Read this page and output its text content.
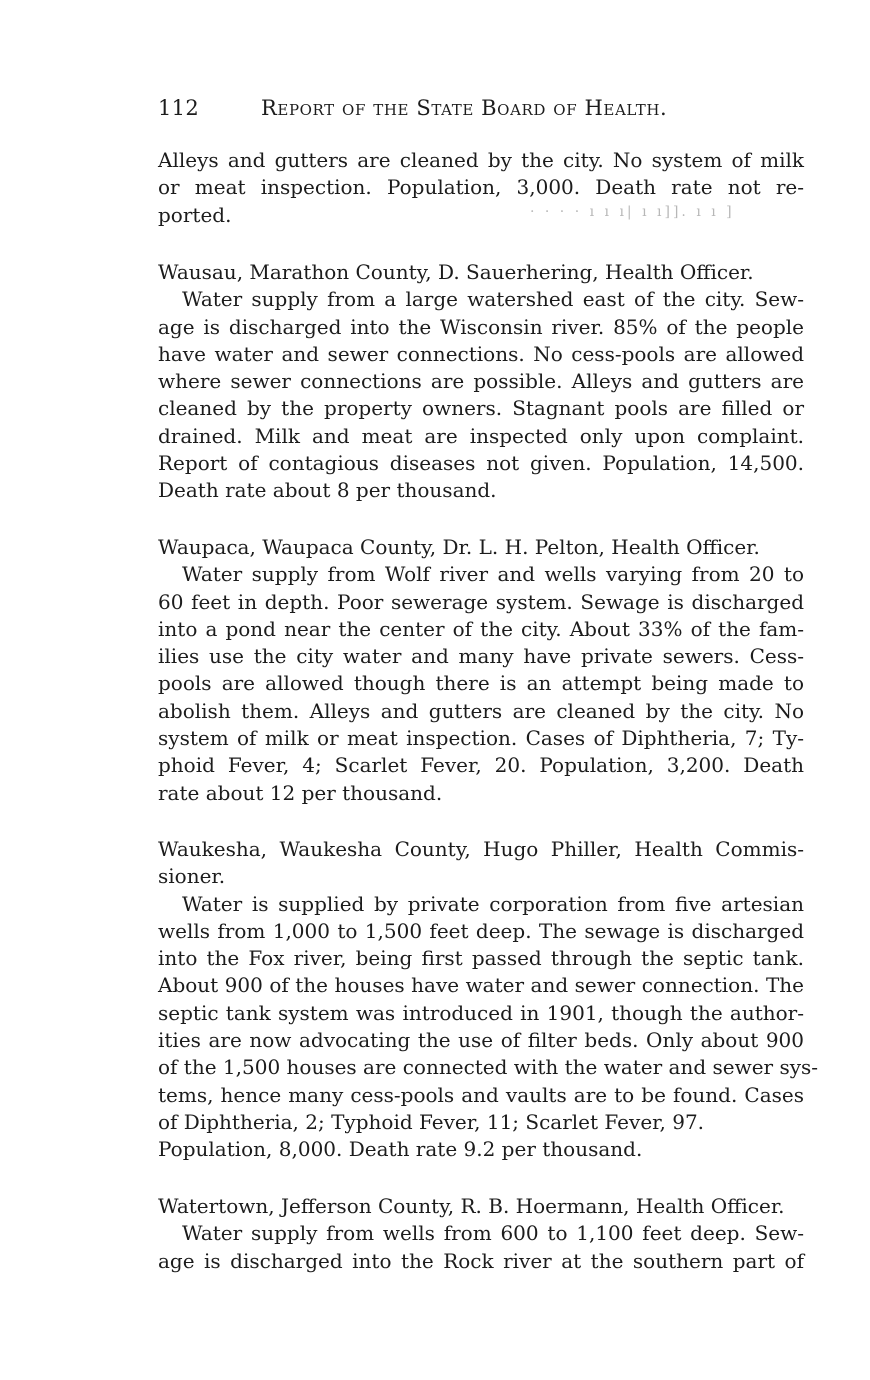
112	Report of the State Board of Health.
Alleys and gutters are cleaned by the city. No system of milk
or meat inspection. Population, 3,000. Death rate not re-
ported.	· · · · ı ı ı| ı ı]]. ı ı ]
Wausau, Marathon County, D. Sauerhering, Health Officer.
Water supply from a large watershed east of the city. Sew-
age is discharged into the Wisconsin river. 85% of the people
have water and sewer connections. No cess-pools are allowed
where sewer connections are possible. Alleys and gutters are
cleaned by the property owners. Stagnant pools are filled or
drained. Milk and meat are inspected only upon complaint.
Report of contagious diseases not given. Population, 14,500.
Death rate about 8 per thousand.
Waupaca, Waupaca County, Dr. L. H. Pelton, Health Officer.
Water supply from Wolf river and wells varying from 20 to
60 feet in depth. Poor sewerage system. Sewage is discharged
into a pond near the center of the city. About 33% of the fam-
ilies use the city water and many have private sewers. Cess-
pools are allowed though there is an attempt being made to
abolish them. Alleys and gutters are cleaned by the city. No
system of milk or meat inspection. Cases of Diphtheria, 7; Ty-
phoid Fever, 4; Scarlet Fever, 20. Population, 3,200. Death
rate about 12 per thousand.
Waukesha, Waukesha County, Hugo Philler, Health Commis-
sioner.
Water is supplied by private corporation from five artesian
wells from 1,000 to 1,500 feet deep. The sewage is discharged
into the Fox river, being first passed through the septic tank.
About 900 of the houses have water and sewer connection. The
septic tank system was introduced in 1901, though the author-
ities are now advocating the use of filter beds. Only about 900
of the 1,500 houses are connected with the water and sewer sys-
tems, hence many cess-pools and vaults are to be found. Cases
of Diphtheria, 2; Typhoid Fever, 11; Scarlet Fever, 97.
Population, 8,000. Death rate 9.2 per thousand.
Watertown, Jefferson County, R. B. Hoermann, Health Officer.
Water supply from wells from 600 to 1,100 feet deep. Sew-
age is discharged into the Rock river at the southern part of
